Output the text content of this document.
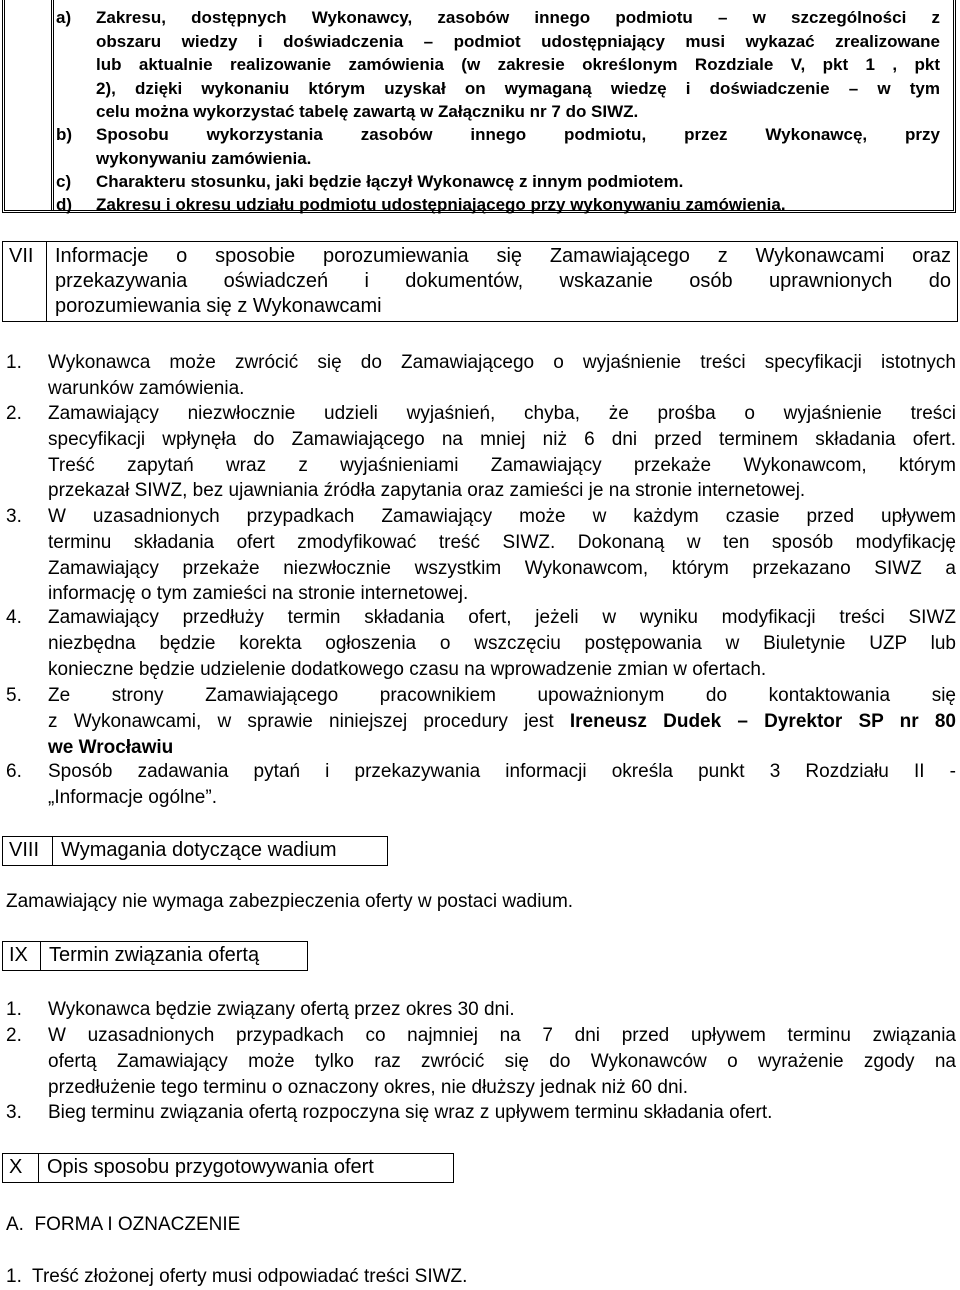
a)	Zakresu, dostępnych Wykonawcy, zasobów innego podmiotu – w szczególności z
obszaru wiedzy i doświadczenia – podmiot udostępniający musi wykazać zrealizowane
lub aktualnie realizowanie zamówienia (w zakresie określonym Rozdziale V, pkt 1 , pkt
2), dzięki wykonaniu którym uzyskał on wymaganą wiedzę i doświadczenie – w tym
celu można wykorzystać tabelę zawartą w Załączniku nr 7 do SIWZ.
b)	Sposobu wykorzystania zasobów innego podmiotu, przez Wykonawcę, przy
wykonywaniu zamówienia.
c)	Charakteru stosunku, jaki będzie łączył Wykonawcę z innym podmiotem.
d)	Zakresu i okresu udziału podmiotu udostępniającego przy wykonywaniu zamówienia.
VII	Informacje o sposobie porozumiewania się Zamawiającego z Wykonawcami oraz
przekazywania oświadczeń i dokumentów, wskazanie osób uprawnionych do
porozumiewania się z Wykonawcami
1. Wykonawca może zwrócić się do Zamawiającego o wyjaśnienie treści specyfikacji istotnych
warunków zamówienia.
2. Zamawiający niezwłocznie udzieli wyjaśnień, chyba, że prośba o wyjaśnienie treści
specyfikacji wpłynęła do Zamawiającego na mniej niż 6 dni przed terminem składania ofert.
Treść zapytań wraz z wyjaśnieniami Zamawiający przekaże Wykonawcom, którym
przekazał SIWZ, bez ujawniania źródła zapytania oraz zamieści je na stronie internetowej.
3. W uzasadnionych przypadkach Zamawiający może w każdym czasie przed upływem
terminu składania ofert zmodyfikować treść SIWZ. Dokonaną w ten sposób modyfikację
Zamawiający przekaże niezwłocznie wszystkim Wykonawcom, którym przekazano SIWZ a
informację o tym zamieści na stronie internetowej.
4. Zamawiający przedłuży termin składania ofert, jeżeli w wyniku modyfikacji treści SIWZ
niezbędna będzie korekta ogłoszenia o wszczęciu postępowania w Biuletynie UZP lub
konieczne będzie udzielenie dodatkowego czasu na wprowadzenie zmian w ofertach.
5. Ze strony Zamawiającego pracownikiem upoważnionym do kontaktowania się
z Wykonawcami, w sprawie niniejszej procedury jest Ireneusz Dudek – Dyrektor SP nr 80
we Wrocławiu
6. Sposób zadawania pytań i przekazywania informacji określa punkt 3 Rozdziału II -
„Informacje ogólne”.
VIII	Wymagania dotyczące wadium
Zamawiający nie wymaga zabezpieczenia oferty w postaci wadium.
IX	Termin związania ofertą
1. Wykonawca będzie związany ofertą przez okres 30 dni.
2. W uzasadnionych przypadkach co najmniej na 7 dni przed upływem terminu związania
ofertą Zamawiający może tylko raz zwrócić się do Wykonawców o wyrażenie zgody na
przedłużenie tego terminu o oznaczony okres, nie dłuższy jednak niż 60 dni.
3. Bieg terminu związania ofertą rozpoczyna się wraz z upływem terminu składania ofert.
X	Opis sposobu przygotowywania ofert
A.  FORMA I OZNACZENIE
1.  Treść złożonej oferty musi odpowiadać treści SIWZ.
